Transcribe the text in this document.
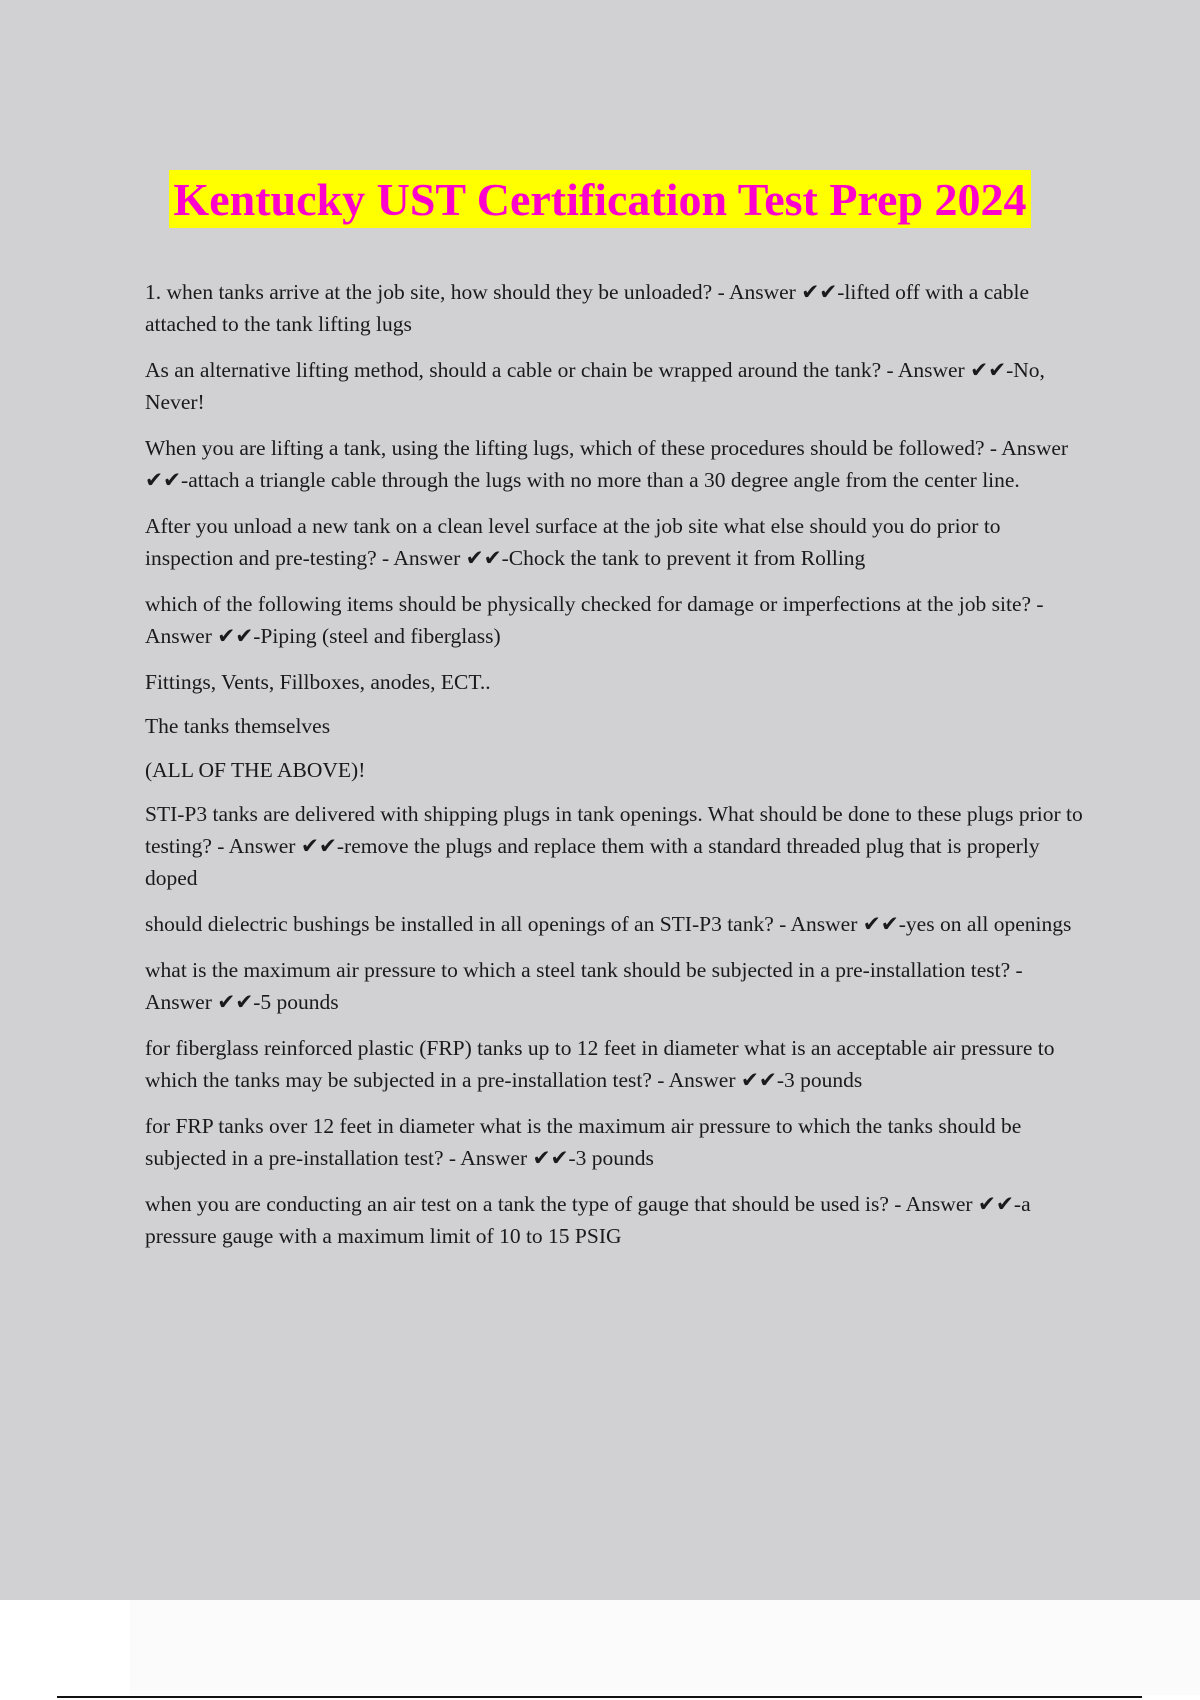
Kentucky UST Certification Test Prep 2024

1. when tanks arrive at the job site, how should they be unloaded? - Answer ✔✔-lifted off with a cable attached to the tank lifting lugs

As an alternative lifting method, should a cable or chain be wrapped around the tank? - Answer ✔✔-No, Never!

When you are lifting a tank, using the lifting lugs, which of these procedures should be followed? - Answer ✔✔-attach a triangle cable through the lugs with no more than a 30 degree angle from the center line.

After you unload a new tank on a clean level surface at the job site what else should you do prior to inspection and pre-testing? - Answer ✔✔-Chock the tank to prevent it from Rolling

which of the following items should be physically checked for damage or imperfections at the job site? - Answer ✔✔-Piping (steel and fiberglass)

Fittings, Vents, Fillboxes, anodes, ECT..

The tanks themselves

(ALL OF THE ABOVE)!

STI-P3 tanks are delivered with shipping plugs in tank openings. What should be done to these plugs prior to testing? - Answer ✔✔-remove the plugs and replace them with a standard threaded plug that is properly doped

should dielectric bushings be installed in all openings of an STI-P3 tank? - Answer ✔✔-yes on all openings

what is the maximum air pressure to which a steel tank should be subjected in a pre-installation test? - Answer ✔✔-5 pounds

for fiberglass reinforced plastic (FRP) tanks up to 12 feet in diameter what is an acceptable air pressure to which the tanks may be subjected in a pre-installation test? - Answer ✔✔-3 pounds

for FRP tanks over 12 feet in diameter what is the maximum air pressure to which the tanks should be subjected in a pre-installation test? - Answer ✔✔-3 pounds

when you are conducting an air test on a tank the type of gauge that should be used is? - Answer ✔✔-a pressure gauge with a maximum limit of 10 to 15 PSIG
